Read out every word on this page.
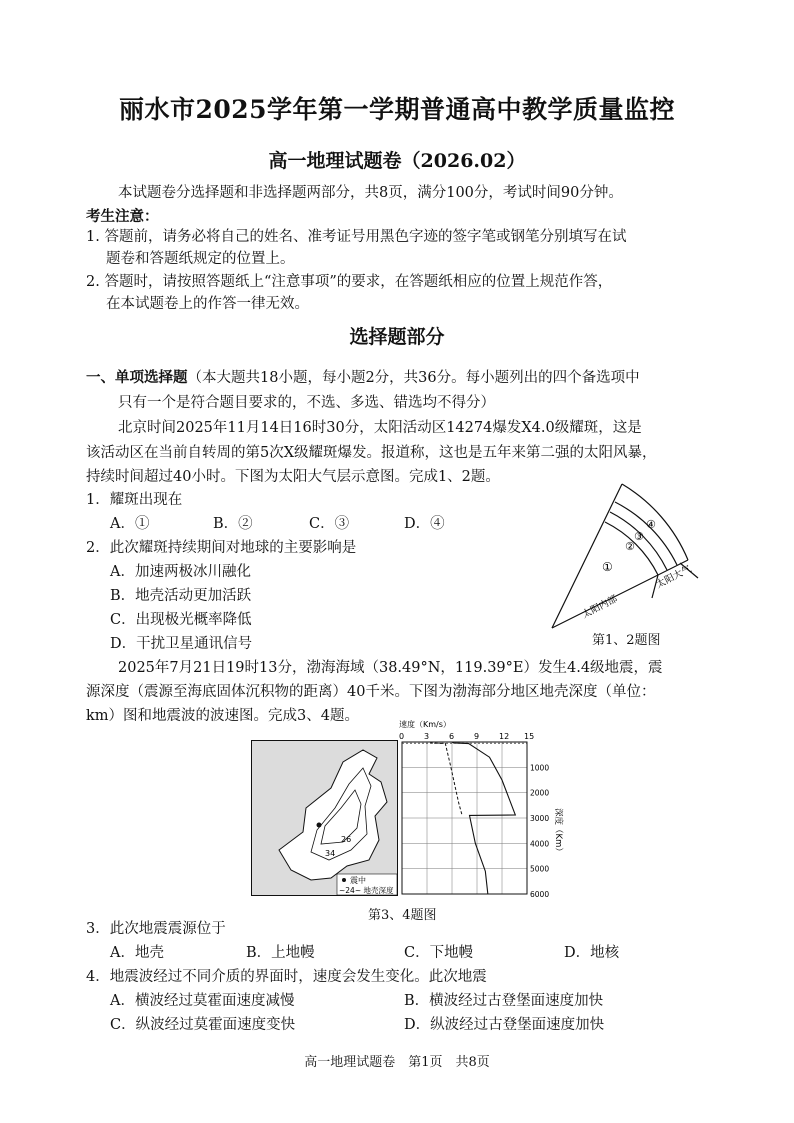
丽水市2025学年第一学期普通高中教学质量监控
高一地理试题卷（2026.02）
本试题卷分选择题和非选择题两部分，共8页，满分100分，考试时间90分钟。
考生注意：
1. 答题前，请务必将自己的姓名、准考证号用黑色字迹的签字笔或钢笔分别填写在试
题卷和答题纸规定的位置上。
2. 答题时，请按照答题纸上“注意事项”的要求，在答题纸相应的位置上规范作答，
在本试题卷上的作答一律无效。
选择题部分
一、单项选择题（本大题共18小题，每小题2分，共36分。每小题列出的四个备选项中
只有一个是符合题目要求的，不选、多选、错选均不得分）
北京时间2025年11月14日16时30分，太阳活动区14274爆发X4.0级耀斑，这是
该活动区在当前自转周的第5次X级耀斑爆发。报道称，这也是五年来第二强的太阳风暴，
持续时间超过40小时。下图为太阳大气层示意图。完成1、2题。
1．耀斑出现在
A．①	B．②	C．③	D．④
2．此次耀斑持续期间对地球的主要影响是
A．加速两极冰川融化
B．地壳活动更加活跃
C．出现极光概率降低
D．干扰卫星通讯信号
①
②
③
④
太阳内部
太阳大气
第1、2题图
2025年7月21日19时13分，渤海海域（38.49°N，119.39°E）发生4.4级地震，震
源深度（震源至海底固体沉积物的距离）40千米。下图为渤海部分地区地壳深度（单位：
km）图和地震波的波速图。完成3、4题。
34
26
震中
~24~ 地壳深度
速度（Km/s）
0 3 6 9 12 15
1000
2000
3000
4000
5000
6000
深度（Km）
第3、4题图
3．此次地震震源位于
A．地壳	B．上地幔	C．下地幔	D．地核
4．地震波经过不同介质的界面时，速度会发生变化。此次地震
A．横波经过莫霍面速度减慢	B．横波经过古登堡面速度加快
C．纵波经过莫霍面速度变快	D．纵波经过古登堡面速度加快
高一地理试题卷　第1页　共8页
